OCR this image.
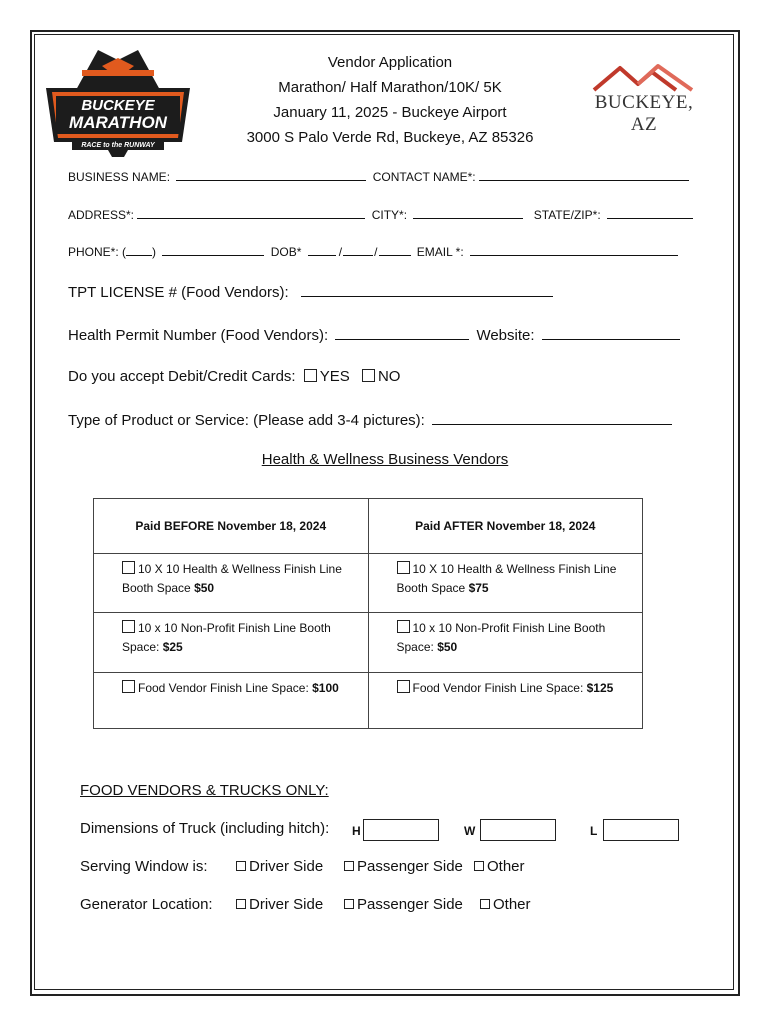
BUCKEYE
MARATHON
RACE to the RUNWAY
BUCKEYE, AZ
Vendor Application
Marathon/ Half Marathon/10K/ 5K
January 11, 2025 - Buckeye Airport
3000 S Palo Verde Rd, Buckeye, AZ 85326
BUSINESS NAME:	CONTACT NAME*:
ADDRESS*:	CITY*:	STATE/ZIP*:
PHONE*: ( )	DOB*	/	/	EMAIL *:
TPT LICENSE # (Food Vendors):
Health Permit Number (Food Vendors):	Website:
Do you accept Debit/Credit Cards: YES NO
Type of Product or Service: (Please add 3-4 pictures):
Health & Wellness Business Vendors
Paid BEFORE November 18, 2024	Paid AFTER November 18, 2024
10 X 10 Health & Wellness Finish Line Booth Space $50	10 X 10 Health & Wellness Finish Line Booth Space $75
10 x 10 Non-Profit Finish Line Booth Space: $25	10 x 10 Non-Profit Finish Line Booth Space: $50
Food Vendor Finish Line Space: $100	Food Vendor Finish Line Space: $125
FOOD VENDORS & TRUCKS ONLY:
Dimensions of Truck (including hitch): H	W	L
Serving Window is:	Driver Side	Passenger Side	Other
Generator Location:	Driver Side	Passenger Side	Other
